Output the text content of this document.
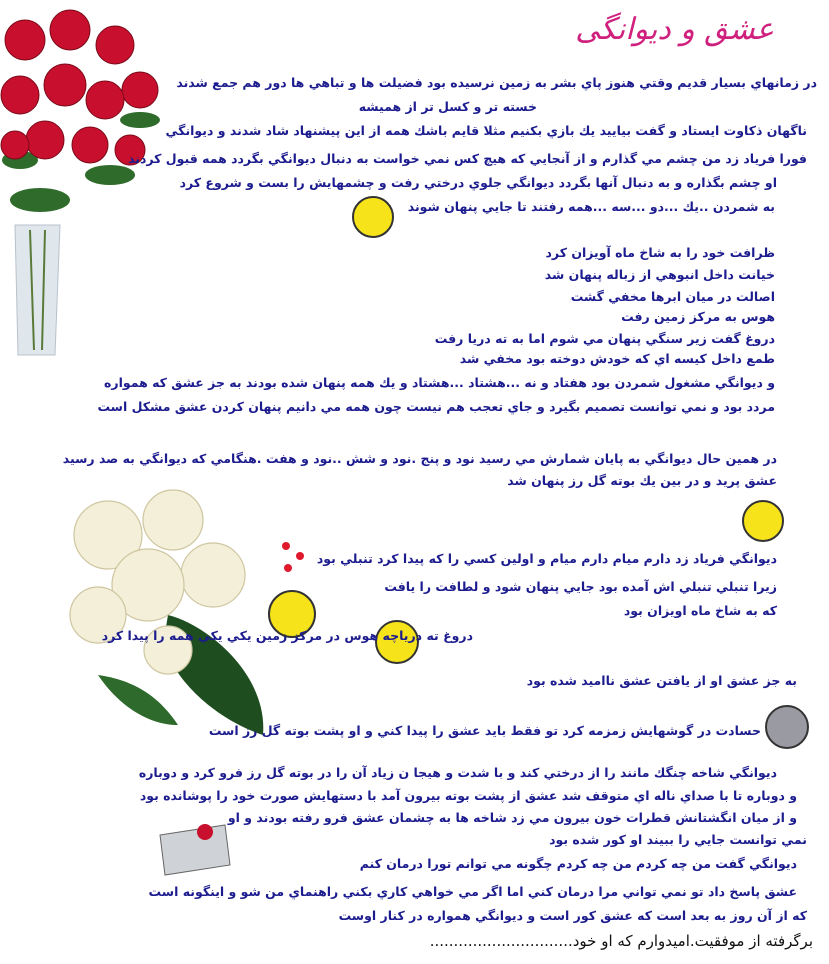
عشق و ديوانگی
در زمانهاي بسيار قديم وقتي هنوز پاي بشر به زمين نرسيده بود فضيلت ها و تباهي ها دور هم جمع شدند
خسته تر و كسل تر از هميشه
ناگهان ذكاوت ايستاد و گفت بياييد يك بازي بكنيم مثلا قايم باشك همه از اين پيشنهاد شاد شدند و ديوانگي
فورا فرياد زد من چشم مي گذارم و از آنجايي كه هيچ كس نمي خواست به دنبال ديوانگي بگردد همه قبول كردند
او چشم بگذاره و به دنبال آنها بگردد ديوانگي جلوي درختي رفت و چشمهايش را بست و شروع كرد
به شمردن ..يك ...دو ...سه ...همه رفتند تا جايي پنهان شوند
ظرافت خود را به شاخ ماه آويزان كرد
خيانت داخل انبوهي از زباله پنهان شد
اصالت در ميان ابرها مخفي گشت
هوس به مركز زمين رفت
دروغ گفت زير سنگي پنهان مي شوم اما به ته دريا رفت
طمع داخل كيسه اي كه خودش دوخته بود مخفي شد
و ديوانگي مشغول شمردن بود هفتاد و نه ...هشتاد ...هشتاد و يك همه پنهان شده بودند به جز عشق كه همواره
مردد بود و نمي توانست تصميم بگيرد و جاي تعجب هم نيست چون همه مي دانيم پنهان كردن عشق مشكل است
در همين حال ديوانگي به پايان شمارش مي رسيد نود و پنج .نود و شش ..نود و هفت .هنگامي كه ديوانگي به صد رسيد
عشق پريد و در بين يك بوته گل رز پنهان شد
ديوانگي فرياد زد دارم ميام دارم ميام و اولين كسي را كه پيدا كرد تنبلي بود
زيرا تنبلي تنبلي اش آمده بود جايي پنهان شود و لطافت را يافت
كه به شاخ ماه اويزان بود
دروغ ته درياچه هوس در مركز زمين يكي يكي همه را پيدا كرد
به جز عشق او از يافتن عشق نااميد شده بود
حسادت در گوشهايش زمزمه كرد تو فقط بايد عشق را پيدا كني و او پشت بوته گل رز است
ديوانگي شاخه چنگك مانند را از درختي كند و با شدت و هيجا ن زياد آن را در بوته گل رز فرو كرد و دوباره
و دوباره تا با صداي ناله اي متوقف شد عشق از پشت بوته بيرون آمد با دستهايش صورت خود را پوشانده بود
و از ميان انگشتانش قطرات خون بيرون مي زد شاخه ها به چشمان عشق فرو رفته بودند و او
نمي توانست جايي را ببيند او كور شده بود
ديوانگي گفت من چه كردم من چه كردم چگونه مي توانم تورا درمان كنم
عشق پاسخ داد تو نمي تواني مرا درمان كني اما اگر مي خواهي كاري بكني راهنماي من شو و اينگونه است
كه از آن روز به بعد است كه عشق كور است و ديوانگي همواره در كنار اوست
برگرفته از موفقيت.اميدوارم كه او خود..............................
